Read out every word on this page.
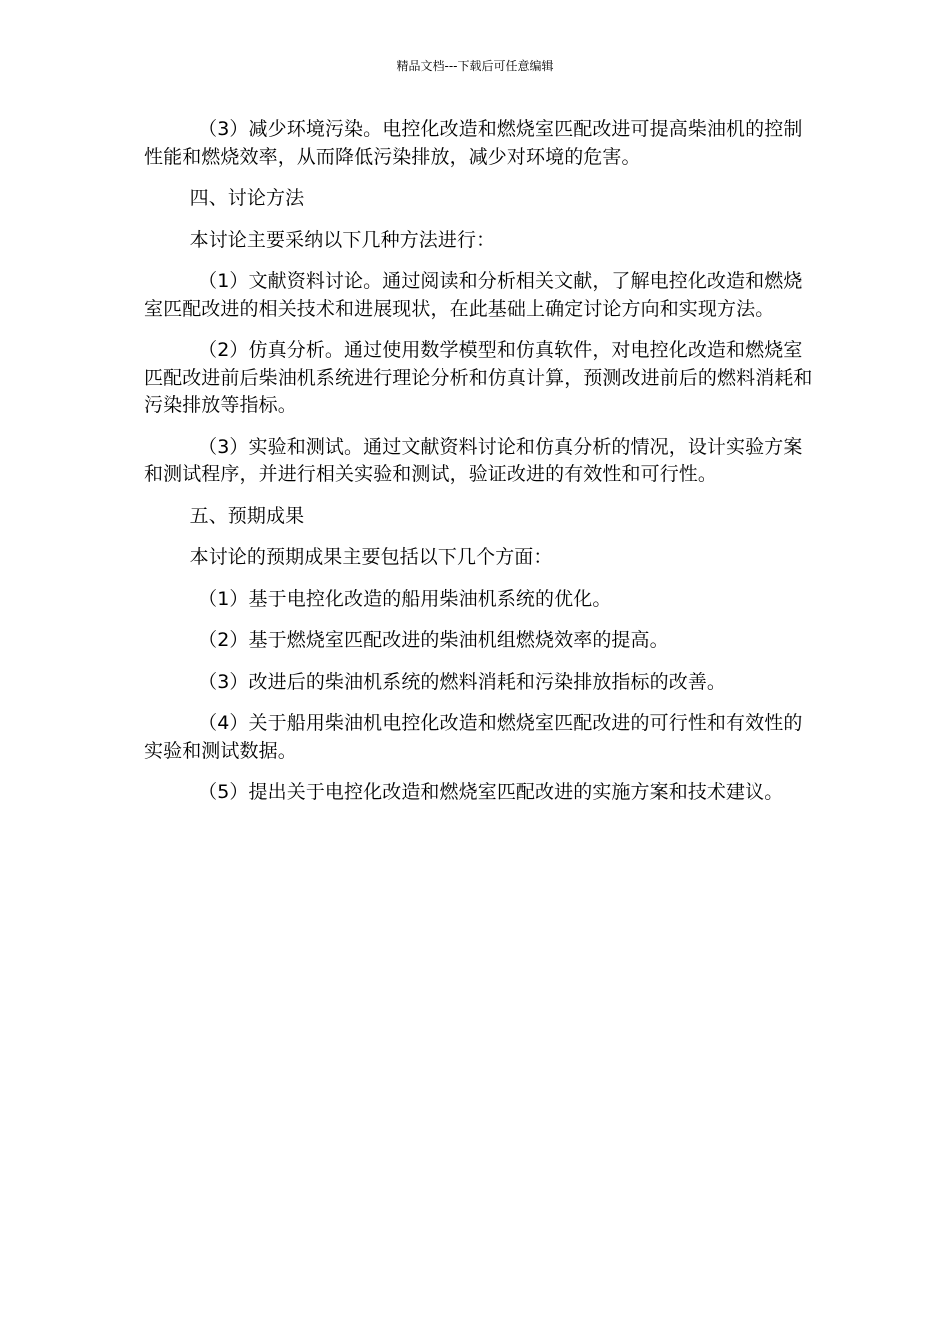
精品文档---下载后可任意编辑

（3）减少环境污染。电控化改造和燃烧室匹配改进可提高柴油机的控制性能和燃烧效率，从而降低污染排放，减少对环境的危害。

四、讨论方法

本讨论主要采纳以下几种方法进行：

（1）文献资料讨论。通过阅读和分析相关文献，了解电控化改造和燃烧室匹配改进的相关技术和进展现状，在此基础上确定讨论方向和实现方法。

（2）仿真分析。通过使用数学模型和仿真软件，对电控化改造和燃烧室匹配改进前后柴油机系统进行理论分析和仿真计算，预测改进前后的燃料消耗和污染排放等指标。

（3）实验和测试。通过文献资料讨论和仿真分析的情况，设计实验方案和测试程序，并进行相关实验和测试，验证改进的有效性和可行性。

五、预期成果

本讨论的预期成果主要包括以下几个方面：

（1）基于电控化改造的船用柴油机系统的优化。

（2）基于燃烧室匹配改进的柴油机组燃烧效率的提高。

（3）改进后的柴油机系统的燃料消耗和污染排放指标的改善。

（4）关于船用柴油机电控化改造和燃烧室匹配改进的可行性和有效性的实验和测试数据。

（5）提出关于电控化改造和燃烧室匹配改进的实施方案和技术建议。
